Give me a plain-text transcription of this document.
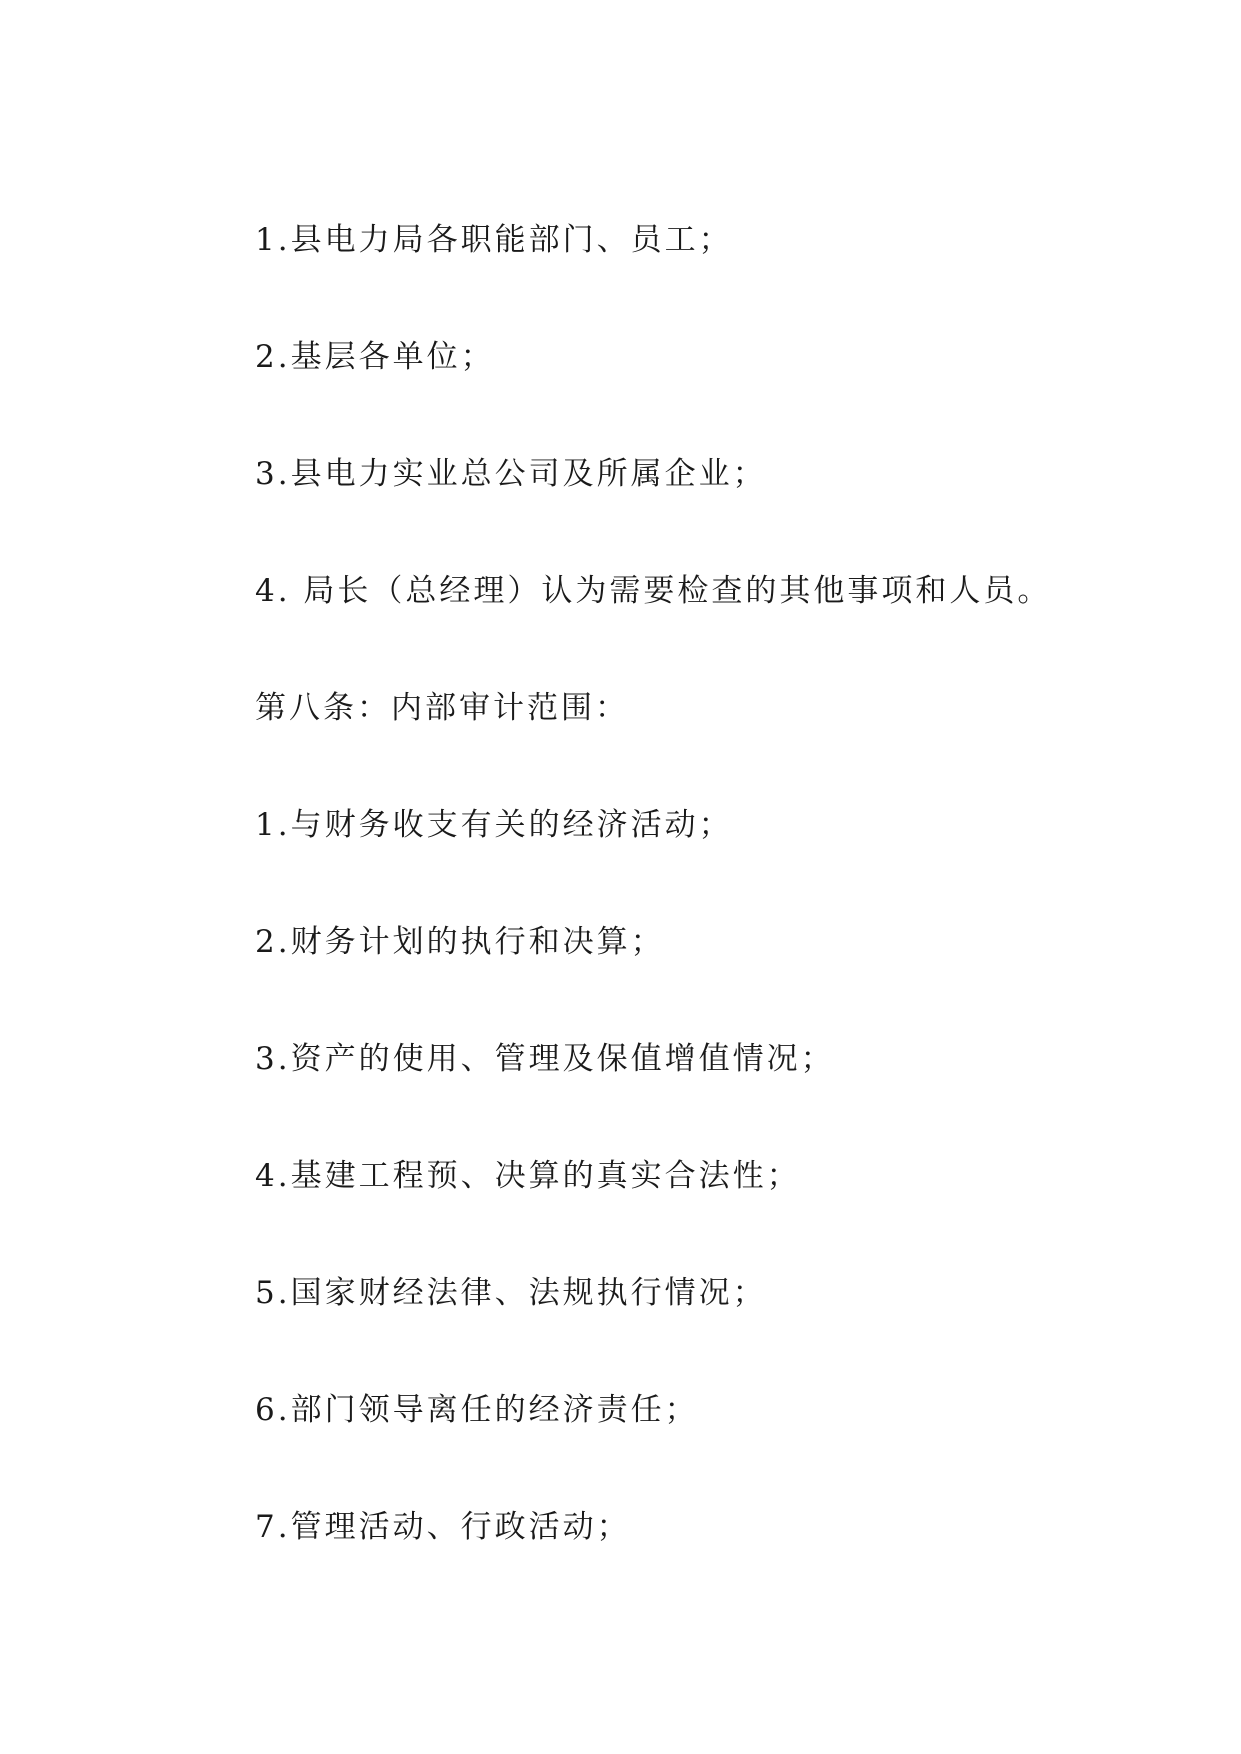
1.县电力局各职能部门、员工；
2.基层各单位；
3.县电力实业总公司及所属企业；
4. 局长（总经理）认为需要检查的其他事项和人员。
第八条：内部审计范围：
1.与财务收支有关的经济活动；
2.财务计划的执行和决算；
3.资产的使用、管理及保值增值情况；
4.基建工程预、决算的真实合法性；
5.国家财经法律、法规执行情况；
6.部门领导离任的经济责任；
7.管理活动、行政活动；
